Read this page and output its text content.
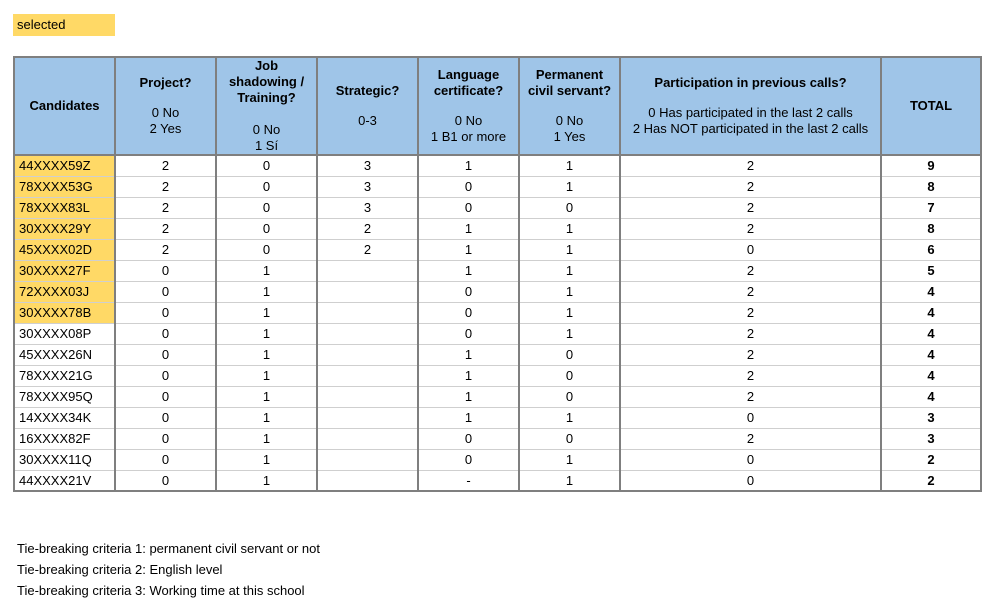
selected
Candidates	Project?
0 No
2 Yes	Job
shadowing /
Training?
0 No
1 Sí	Strategic?
0-3	Language
certificate?
0 No
1 B1 or more	Permanent
civil servant?
0 No
1 Yes	Participation in previous calls?
0 Has participated in the last 2 calls
2 Has NOT participated in the last 2 calls	TOTAL
44XXXX59Z	2	0	3	1	1	2	9
78XXXX53G	2	0	3	0	1	2	8
78XXXX83L	2	0	3	0	0	2	7
30XXXX29Y	2	0	2	1	1	2	8
45XXXX02D	2	0	2	1	1	0	6
30XXXX27F	0	1		1	1	2	5
72XXXX03J	0	1		0	1	2	4
30XXXX78B	0	1		0	1	2	4
30XXXX08P	0	1		0	1	2	4
45XXXX26N	0	1		1	0	2	4
78XXXX21G	0	1		1	0	2	4
78XXXX95Q	0	1		1	0	2	4
14XXXX34K	0	1		1	1	0	3
16XXXX82F	0	1		0	0	2	3
30XXXX11Q	0	1		0	1	0	2
44XXXX21V	0	1		-	1	0	2
Tie-breaking criteria 1: permanent civil servant or not
Tie-breaking criteria 2: English level
Tie-breaking criteria 3: Working time at this school
